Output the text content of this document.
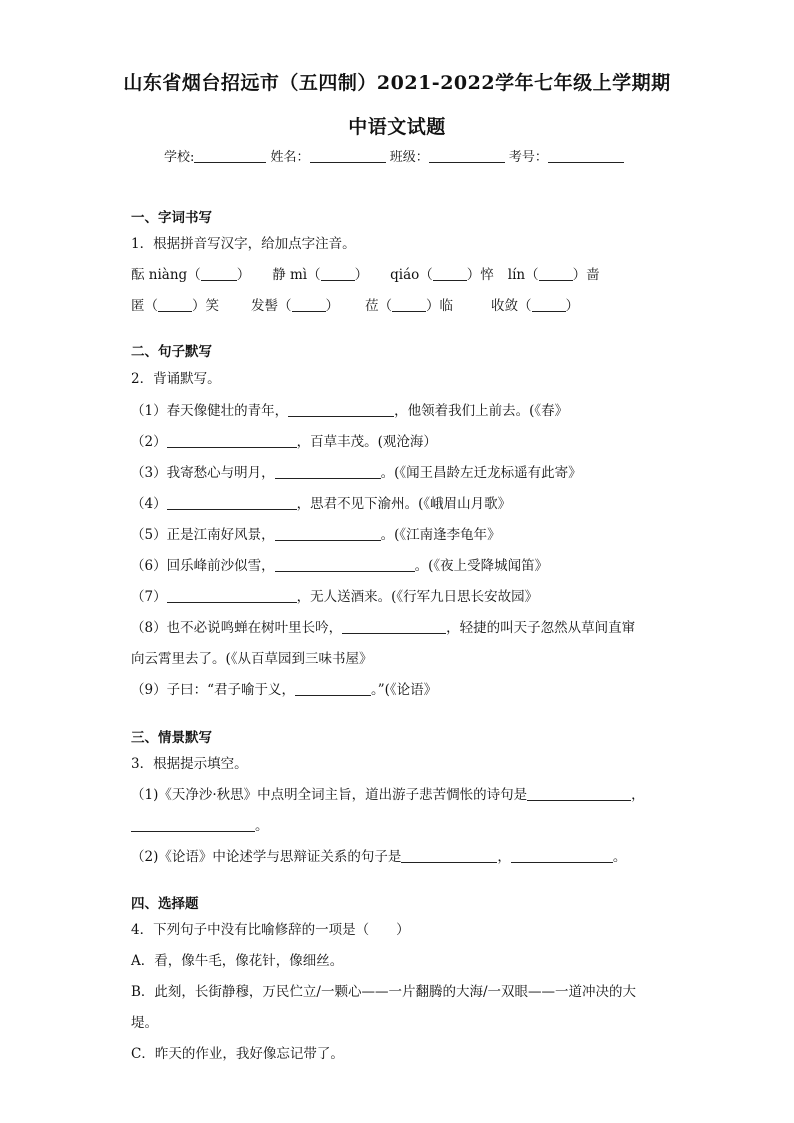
山东省烟台招远市（五四制）2021-2022学年七年级上学期期
中语文试题
学校:	姓名：	班级：	考号：
一、字词书写
1．根据拼音写汉字，给加点字注音。
酝 niàng（	） 静 mì（	） qiáo（	）悴 lín（	）啬
匿（	）笑 发髻（	） 莅（	）临	收敛（	）
二、句子默写
2．背诵默写。
（1）春天像健壮的青年，	，他领着我们上前去。(《春》
（2）	，百草丰茂。(观沧海）
（3）我寄愁心与明月，	。(《闻王昌龄左迁龙标遥有此寄》
（4）	，思君不见下渝州。(《峨眉山月歌》
（5）正是江南好风景，	。(《江南逢李龟年》
（6）回乐峰前沙似雪，	。(《夜上受降城闻笛》
（7）	，无人送酒来。(《行军九日思长安故园》
（8）也不必说鸣蝉在树叶里长吟，	，轻捷的叫天子忽然从草间直窜
向云霄里去了。(《从百草园到三味书屋》
（9）子曰：“君子喻于义，	。”(《论语》
三、情景默写
3．根据提示填空。
（1)《天净沙·秋思》中点明全词主旨，道出游子悲苦惆怅的诗句是	，
。
（2)《论语》中论述学与思辩证关系的句子是	，	。
四、选择题
4．下列句子中没有比喻修辞的一项是（　　）
A．看，像牛毛，像花针，像细丝。
B．此刻，长街静穆，万民伫立/一颗心——一片翻腾的大海/一双眼——一道冲决的大
堤。
C．昨天的作业，我好像忘记带了。
